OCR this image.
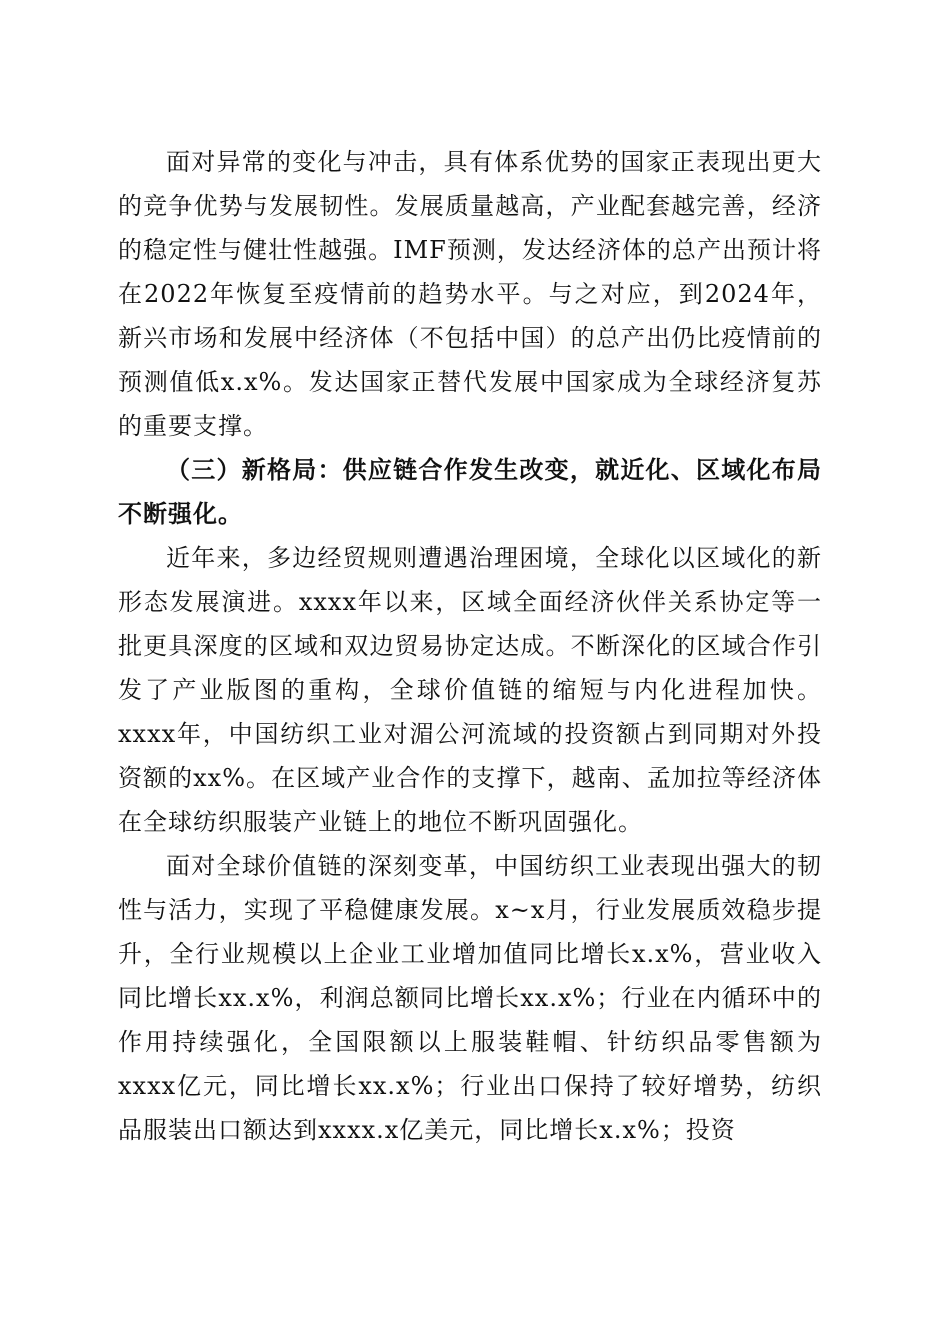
面对异常的变化与冲击，具有体系优势的国家正表现出更大的竞争优势与发展韧性。发展质量越高，产业配套越完善，经济的稳定性与健壮性越强。IMF预测，发达经济体的总产出预计将在2022年恢复至疫情前的趋势水平。与之对应，到2024年，新兴市场和发展中经济体（不包括中国）的总产出仍比疫情前的预测值低x.x%。发达国家正替代发展中国家成为全球经济复苏的重要支撑。

（三）新格局：供应链合作发生改变，就近化、区域化布局不断强化。

近年来，多边经贸规则遭遇治理困境，全球化以区域化的新形态发展演进。xxxx年以来，区域全面经济伙伴关系协定等一批更具深度的区域和双边贸易协定达成。不断深化的区域合作引发了产业版图的重构，全球价值链的缩短与内化进程加快。xxxx年，中国纺织工业对湄公河流域的投资额占到同期对外投资额的xx%。在区域产业合作的支撑下，越南、孟加拉等经济体在全球纺织服装产业链上的地位不断巩固强化。

面对全球价值链的深刻变革，中国纺织工业表现出强大的韧性与活力，实现了平稳健康发展。x~x月，行业发展质效稳步提升，全行业规模以上企业工业增加值同比增长x.x%，营业收入同比增长xx.x%，利润总额同比增长xx.x%；行业在内循环中的作用持续强化，全国限额以上服装鞋帽、针纺织品零售额为xxxx亿元，同比增长xx.x%；行业出口保持了较好增势，纺织品服装出口额达到xxxx.x亿美元，同比增长x.x%；投资
